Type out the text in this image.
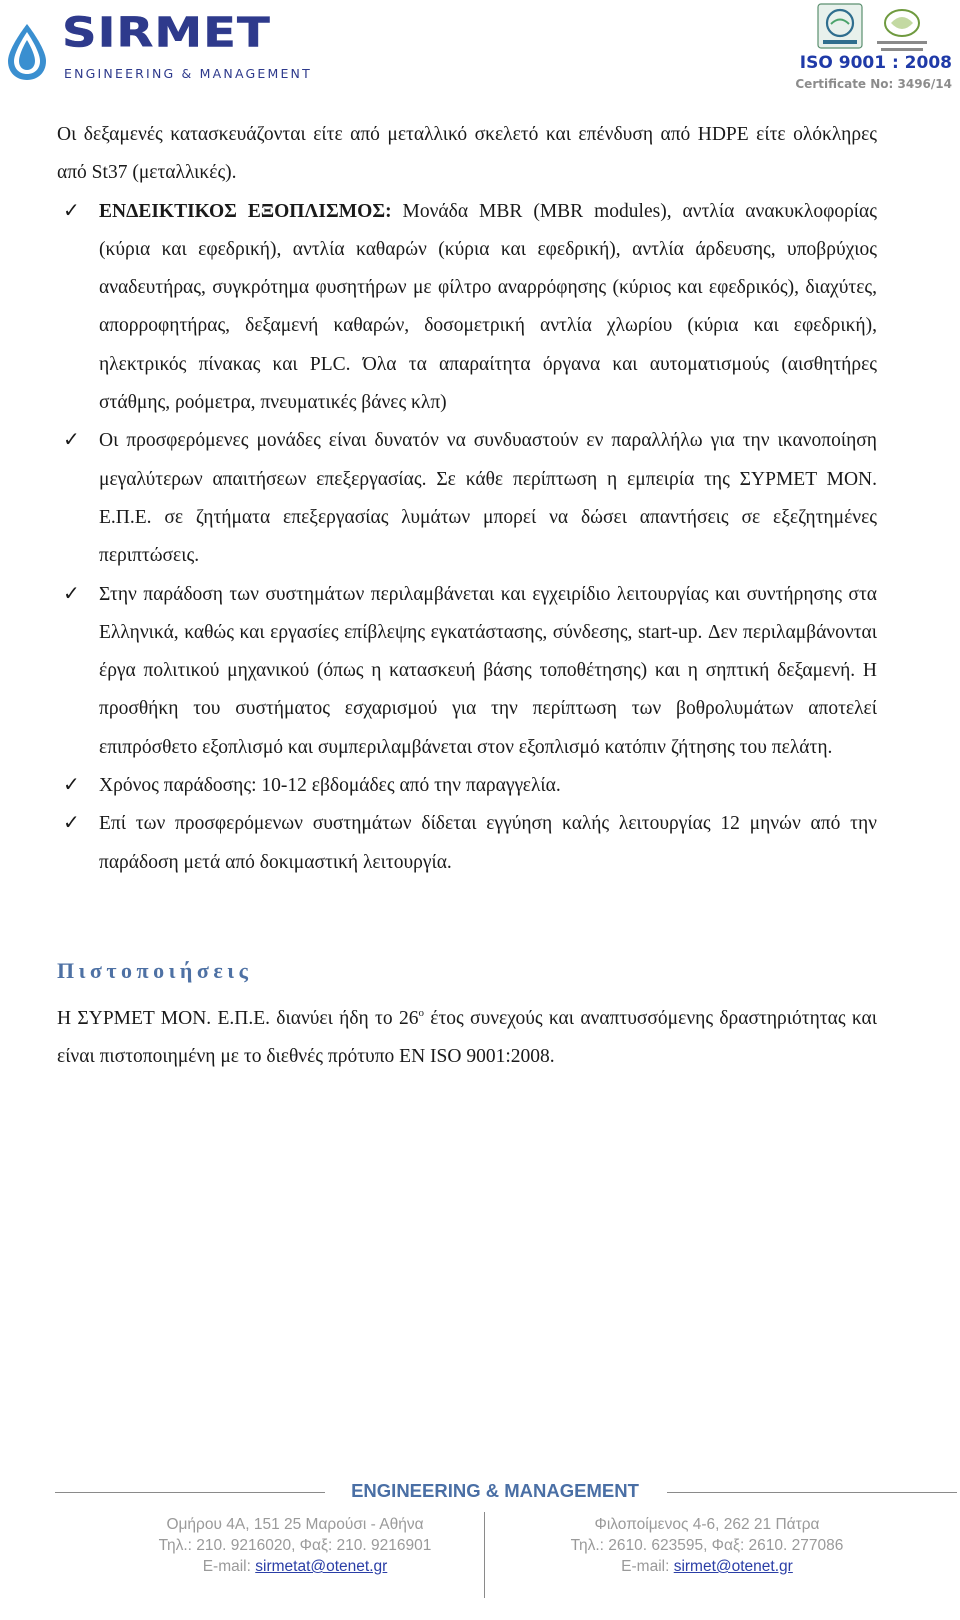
SIRMET
ENGINEERING & MANAGEMENT
ISO 9001 : 2008
Certificate No: 3496/14

Οι δεξαμενές κατασκευάζονται είτε από μεταλλικό σκελετό και επένδυση από HDPE είτε ολόκληρες από St37 (μεταλλικές).

✓ ΕΝΔΕΙΚΤΙΚΟΣ ΕΞΟΠΛΙΣΜΟΣ: Μονάδα MBR (MBR modules), αντλία ανακυκλοφορίας (κύρια και εφεδρική), αντλία καθαρών (κύρια και εφεδρική), αντλία άρδευσης, υποβρύχιος αναδευτήρας, συγκρότημα φυσητήρων με φίλτρο αναρρόφησης (κύριος και εφεδρικός), διαχύτες, απορροφητήρας, δεξαμενή καθαρών, δοσομετρική αντλία χλωρίου (κύρια και εφεδρική), ηλεκτρικός πίνακας και PLC. Όλα τα απαραίτητα όργανα και αυτοματισμούς (αισθητήρες στάθμης, ροόμετρα, πνευματικές βάνες κλπ)
✓ Οι προσφερόμενες μονάδες είναι δυνατόν να συνδυαστούν εν παραλλήλω για την ικανοποίηση μεγαλύτερων απαιτήσεων επεξεργασίας. Σε κάθε περίπτωση η εμπειρία της ΣΥΡΜΕΤ ΜΟΝ. Ε.Π.Ε. σε ζητήματα επεξεργασίας λυμάτων μπορεί να δώσει απαντήσεις σε εξεζητημένες περιπτώσεις.
✓ Στην παράδοση των συστημάτων περιλαμβάνεται και εγχειρίδιο λειτουργίας και συντήρησης στα Ελληνικά, καθώς και εργασίες επίβλεψης εγκατάστασης, σύνδεσης, start-up. Δεν περιλαμβάνονται έργα πολιτικού μηχανικού (όπως η κατασκευή βάσης τοποθέτησης) και η σηπτική δεξαμενή. Η προσθήκη του συστήματος εσχαρισμού για την περίπτωση των βοθρολυμάτων αποτελεί επιπρόσθετο εξοπλισμό και συμπεριλαμβάνεται στον εξοπλισμό κατόπιν ζήτησης του πελάτη.
✓ Χρόνος παράδοσης: 10-12 εβδομάδες από την παραγγελία.
✓ Επί των προσφερόμενων συστημάτων δίδεται εγγύηση καλής λειτουργίας 12 μηνών από την παράδοση μετά από δοκιμαστική λειτουργία.
Πιστοποιήσεις

Η ΣΥΡΜΕΤ ΜΟΝ. Ε.Π.Ε. διανύει ήδη το $26^o$ έτος συνεχούς και αναπτυσσόμενης δραστηριότητας και είναι πιστοποιημένη με το διεθνές πρότυπο EN ISO 9001:2008.

ENGINEERING & MANAGEMENT
Ομήρου 4Α, 151 25 Μαρούσι - Αθήνα
Τηλ.: 210. 9216020, Φαξ: 210. 9216901
E-mail: sirmetat@otenet.gr
Φιλοποίμενος 4-6, 262 21 Πάτρα
Τηλ.: 2610. 623595, Φαξ: 2610. 277086
E-mail: sirmet@otenet.gr
